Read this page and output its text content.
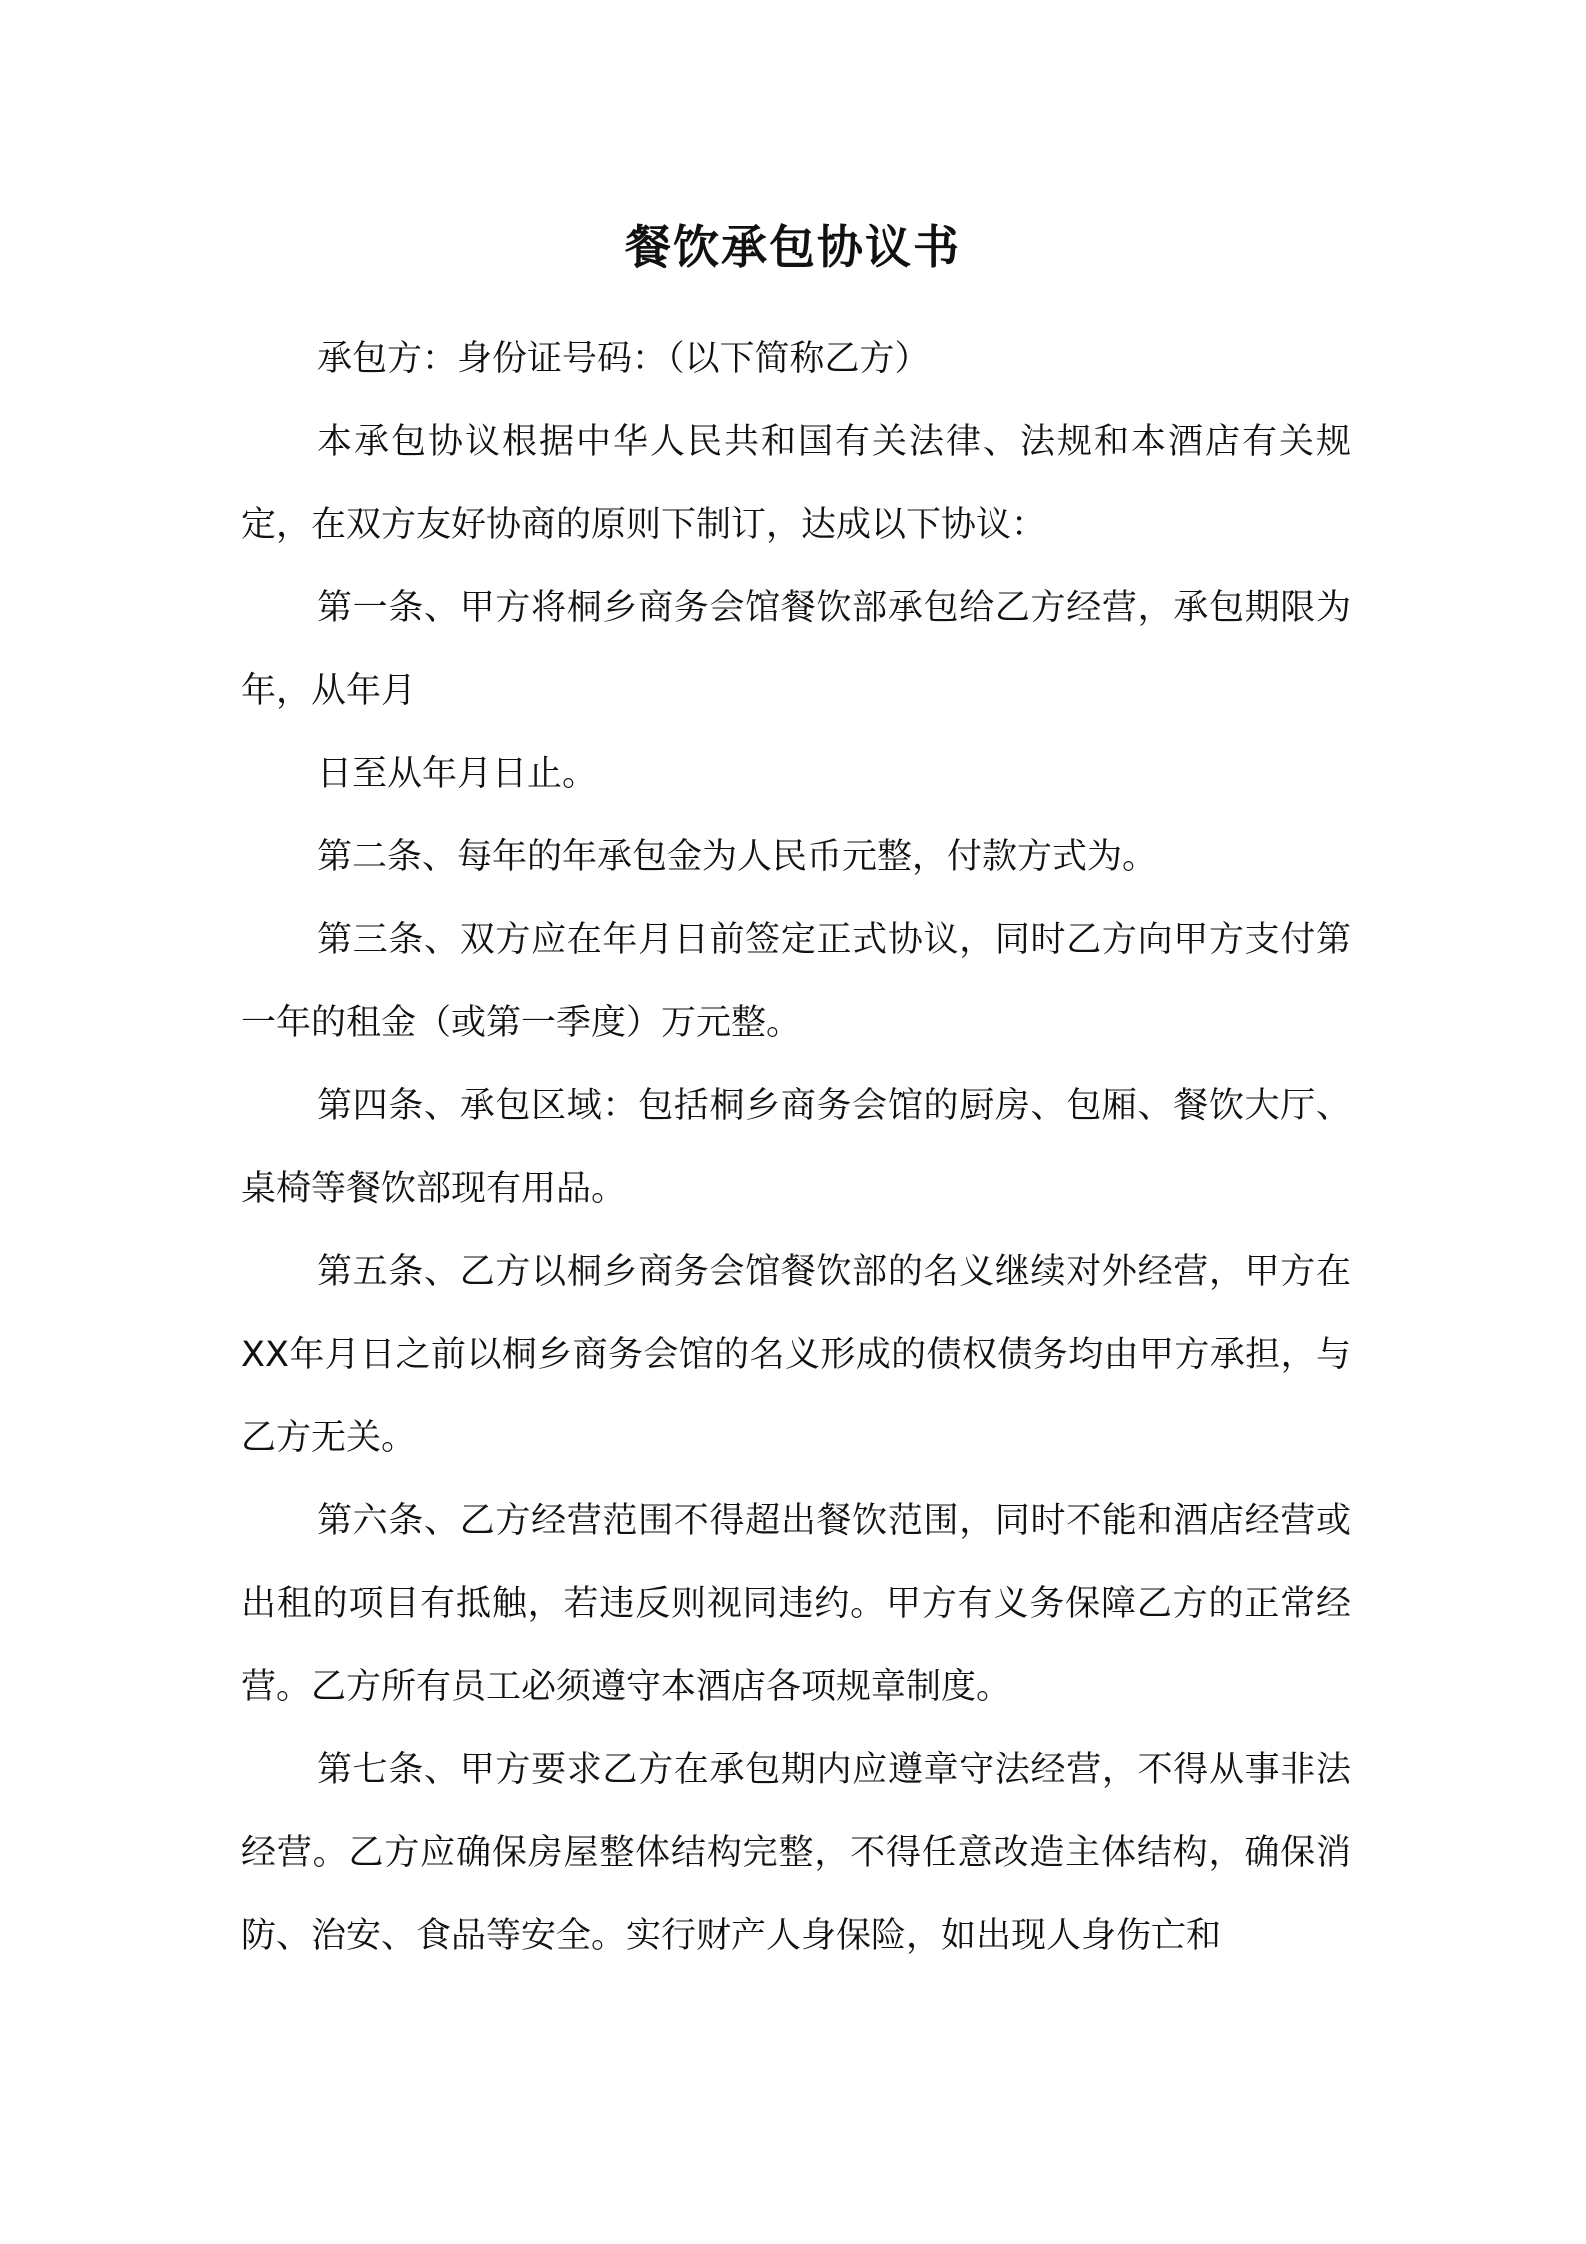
餐饮承包协议书

承包方：身份证号码：（以下简称乙方）

本承包协议根据中华人民共和国有关法律、法规和本酒店有关规定，在双方友好协商的原则下制订，达成以下协议：

第一条、甲方将桐乡商务会馆餐饮部承包给乙方经营，承包期限为年，从年月

日至从年月日止。

第二条、每年的年承包金为人民币元整，付款方式为。

第三条、双方应在年月日前签定正式协议，同时乙方向甲方支付第一年的租金（或第一季度）万元整。

第四条、承包区域：包括桐乡商务会馆的厨房、包厢、餐饮大厅、桌椅等餐饮部现有用品。

第五条、乙方以桐乡商务会馆餐饮部的名义继续对外经营，甲方在XX年月日之前以桐乡商务会馆的名义形成的债权债务均由甲方承担，与乙方无关。

第六条、乙方经营范围不得超出餐饮范围，同时不能和酒店经营或出租的项目有抵触，若违反则视同违约。甲方有义务保障乙方的正常经营。乙方所有员工必须遵守本酒店各项规章制度。

第七条、甲方要求乙方在承包期内应遵章守法经营，不得从事非法经营。乙方应确保房屋整体结构完整，不得任意改造主体结构，确保消防、治安、食品等安全。实行财产人身保险，如出现人身伤亡和
